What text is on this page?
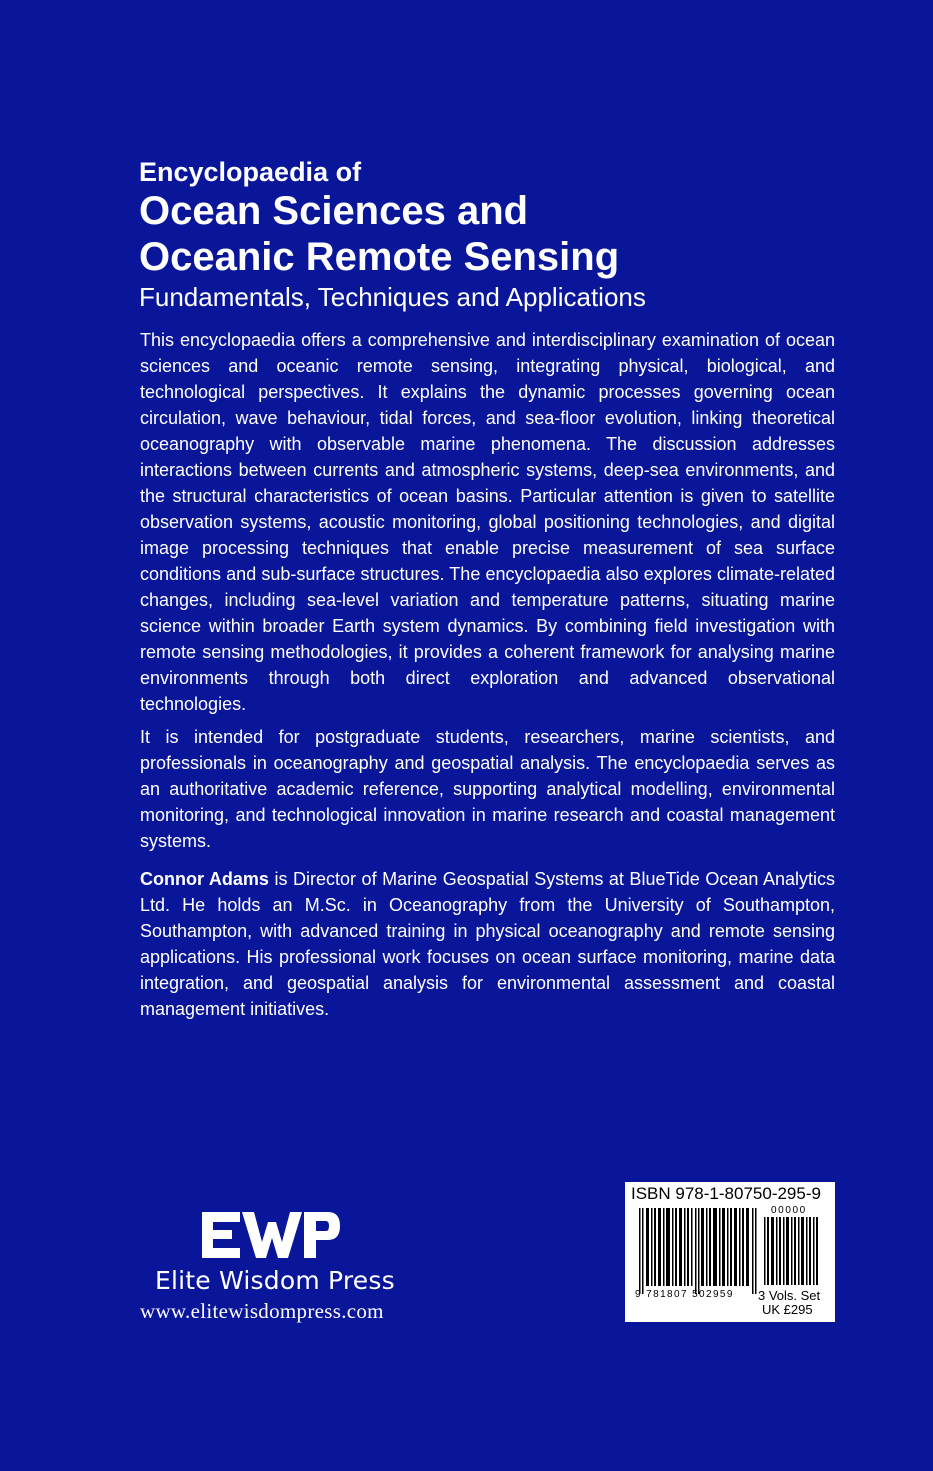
Encyclopaedia of

Ocean Sciences and

Oceanic Remote Sensing

Fundamentals, Techniques and Applications

This encyclopaedia offers a comprehensive and interdisciplinary examination of ocean sciences and oceanic remote sensing, integrating physical, biological, and technological perspectives. It explains the dynamic processes governing ocean circulation, wave behaviour, tidal forces, and sea-floor evolution, linking theoretical oceanography with observable marine phenomena. The discussion addresses interactions between currents and atmospheric systems, deep-sea environments, and the structural characteristics of ocean basins. Particular attention is given to satellite observation systems, acoustic monitoring, global positioning technologies, and digital image processing techniques that enable precise measurement of sea surface conditions and sub-surface structures. The encyclopaedia also explores climate-related changes, including sea-level variation and temperature patterns, situating marine science within broader Earth system dynamics. By combining field investigation with remote sensing methodologies, it provides a coherent framework for analysing marine environments through both direct exploration and advanced observational technologies.

It is intended for postgraduate students, researchers, marine scientists, and professionals in oceanography and geospatial analysis. The encyclopaedia serves as an authoritative academic reference, supporting analytical modelling, environmental monitoring, and technological innovation in marine research and coastal management systems.

Connor Adams is Director of Marine Geospatial Systems at BlueTide Ocean Analytics Ltd. He holds an M.Sc. in Oceanography from the University of Southampton, Southampton, with advanced training in physical oceanography and remote sensing applications. His professional work focuses on ocean surface monitoring, marine data integration, and geospatial analysis for environmental assessment and coastal management initiatives.

Elite Wisdom Press
www.elitewisdompress.com
ISBN 978-1-80750-295-9
9 781807 502959
00000
3 Vols. Set
UK £295
